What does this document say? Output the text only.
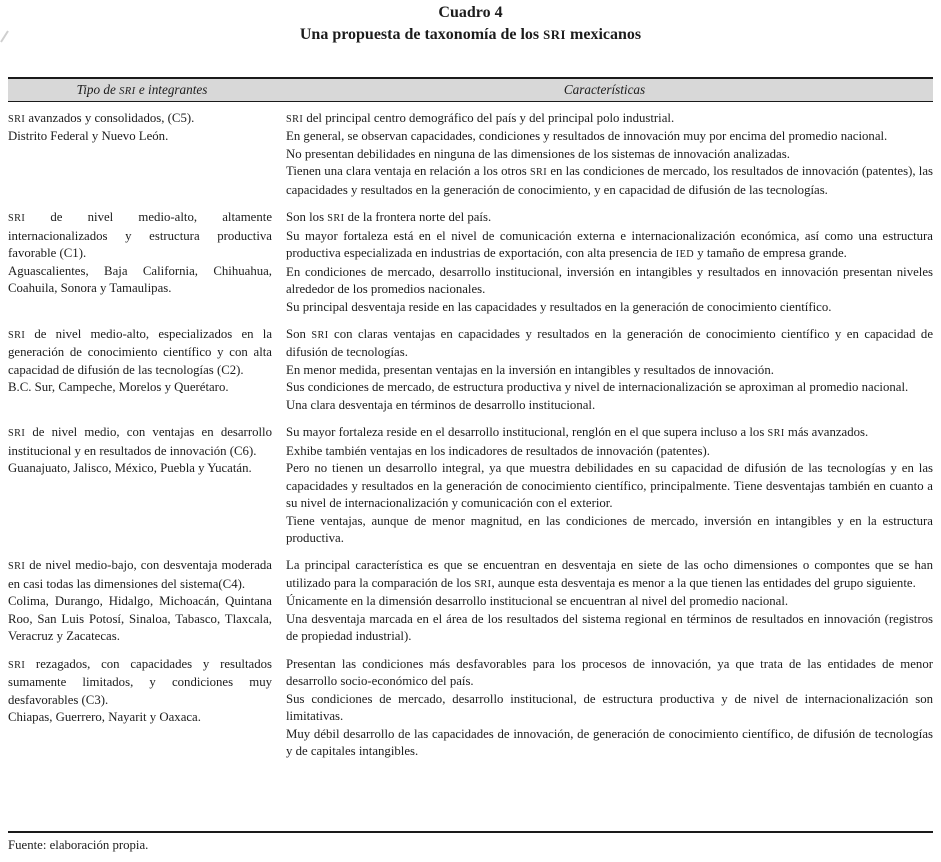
Cuadro 4
Una propuesta de taxonomía de los SRI mexicanos
Tipo de SRI e integrantes	Características

SRI avanzados y consolidados, (C5).

Distrito Federal y Nuevo León.

SRI del principal centro demográfico del país y del principal polo industrial.

En general, se observan capacidades, condiciones y resultados de innovación muy por encima del promedio nacional.

No presentan debilidades en ninguna de las dimensiones de los sistemas de innovación analizadas.

Tienen una clara ventaja en relación a los otros SRI en las condiciones de mercado, los resultados de innovación (patentes), las capacidades y resultados en la generación de conocimiento, y en capacidad de difusión de las tecnologías.

SRI de nivel medio-alto, altamente internacionalizados y estructura productiva favorable (C1).

Aguascalientes, Baja California, Chihuahua, Coahuila, Sonora y Tamaulipas.

Son los SRI de la frontera norte del país.

Su mayor fortaleza está en el nivel de comunicación externa e internacionalización económica, así como una estructura productiva especializada en industrias de exportación, con alta presencia de IED y tamaño de empresa grande.

En condiciones de mercado, desarrollo institucional, inversión en intangibles y resultados en innovación presentan niveles alrededor de los promedios nacionales.

Su principal desventaja reside en las capacidades y resultados en la generación de conocimiento científico.

SRI de nivel medio-alto, especializados en la generación de conocimiento científico y con alta capacidad de difusión de las tecnologías (C2).

B.C. Sur, Campeche, Morelos y Querétaro.

Son SRI con claras ventajas en capacidades y resultados en la generación de conocimiento científico y en capacidad de difusión de tecnologías.

En menor medida, presentan ventajas en la inversión en intangibles y resultados de innovación.

Sus condiciones de mercado, de estructura productiva y nivel de internacionalización se aproximan al promedio nacional.

Una clara desventaja en términos de desarrollo institucional.

SRI de nivel medio, con ventajas en desarrollo institucional y en resultados de innovación (C6).

Guanajuato, Jalisco, México, Puebla y Yucatán.

Su mayor fortaleza reside en el desarrollo institucional, renglón en el que supera incluso a los SRI más avanzados.

Exhibe también ventajas en los indicadores de resultados de innovación (patentes).

Pero no tienen un desarrollo integral, ya que muestra debilidades en su capacidad de difusión de las tecnologías y en las capacidades y resultados en la generación de conocimiento científico, principalmente. Tiene desventajas también en cuanto a su nivel de internacionalización y comunicación con el exterior.

Tiene ventajas, aunque de menor magnitud, en las condiciones de mercado, inversión en intangibles y en la estructura productiva.

SRI de nivel medio-bajo, con desventaja moderada en casi todas las dimensiones del sistema(C4).

Colima, Durango, Hidalgo, Michoacán, Quintana Roo, San Luis Potosí, Sinaloa, Tabasco, Tlaxcala, Veracruz y Zacatecas.

La principal característica es que se encuentran en desventaja en siete de las ocho dimensiones o compontes que se han utilizado para la comparación de los SRI, aunque esta desventaja es menor a la que tienen las entidades del grupo siguiente.

Únicamente en la dimensión desarrollo institucional se encuentran al nivel del promedio nacional.

Una desventaja marcada en el área de los resultados del sistema regional en términos de resultados en innovación (registros de propiedad industrial).

SRI rezagados, con capacidades y resultados sumamente limitados, y condiciones muy desfavorables (C3).

Chiapas, Guerrero, Nayarit y Oaxaca.

Presentan las condiciones más desfavorables para los procesos de innovación, ya que trata de las entidades de menor desarrollo socio-económico del país.

Sus condiciones de mercado, desarrollo institucional, de estructura productiva y de nivel de internacionalización son limitativas.

Muy débil desarrollo de las capacidades de innovación, de generación de conocimiento científico, de difusión de tecnologías y de capitales intangibles.

Fuente: elaboración propia.
